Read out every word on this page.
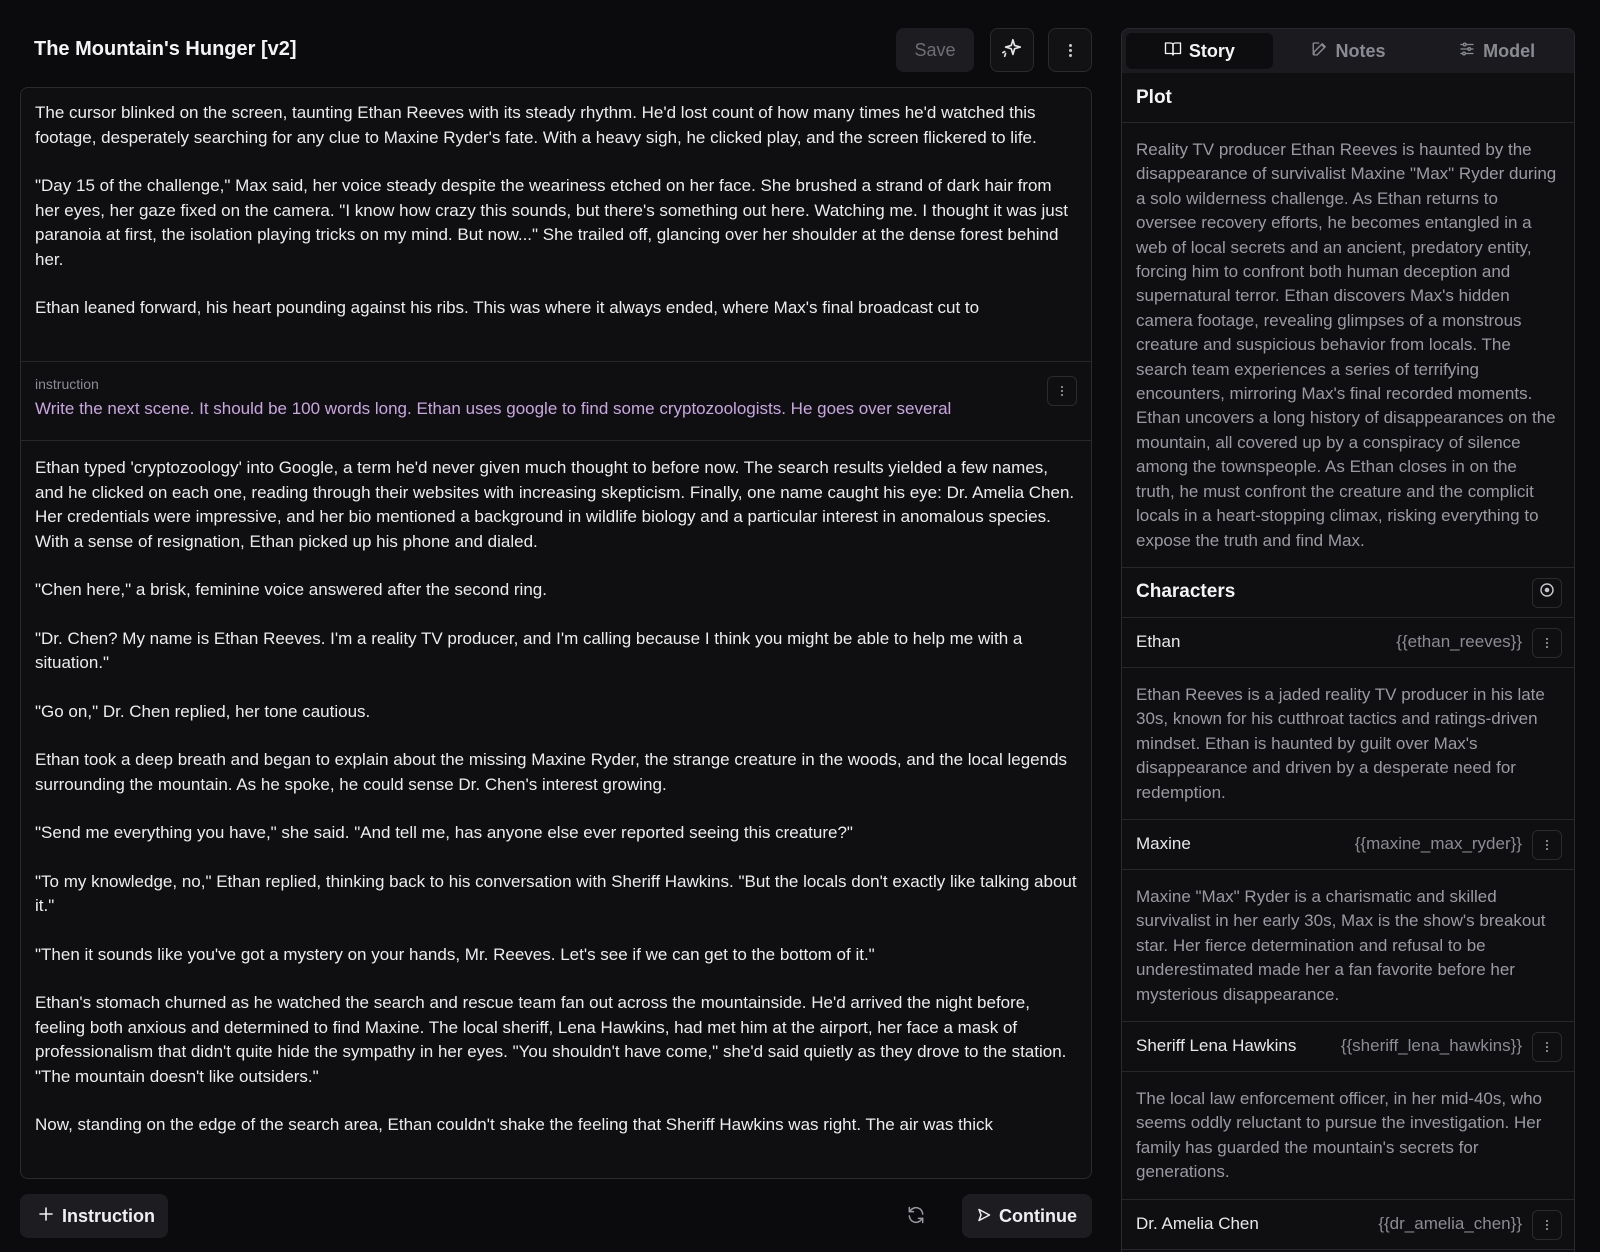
The Mountain's Hunger [v2]	Save

The cursor blinked on the screen, taunting Ethan Reeves with its steady rhythm. He'd lost count of how many times he'd watched this footage, desperately searching for any clue to Maxine Ryder's fate. With a heavy sigh, he clicked play, and the screen flickered to life.

"Day 15 of the challenge," Max said, her voice steady despite the weariness etched on her face. She brushed a strand of dark hair from her eyes, her gaze fixed on the camera. "I know how crazy this sounds, but there's something out here. Watching me. I thought it was just paranoia at first, the isolation playing tricks on my mind. But now..." She trailed off, glancing over her shoulder at the dense forest behind her.

Ethan leaned forward, his heart pounding against his ribs. This was where it always ended, where Max's final broadcast cut to

instruction
Write the next scene. It should be 100 words long. Ethan uses google to find some cryptozoologists. He goes over several

Ethan typed 'cryptozoology' into Google, a term he'd never given much thought to before now. The search results yielded a few names, and he clicked on each one, reading through their websites with increasing skepticism. Finally, one name caught his eye: Dr. Amelia Chen. Her credentials were impressive, and her bio mentioned a background in wildlife biology and a particular interest in anomalous species. With a sense of resignation, Ethan picked up his phone and dialed.

"Chen here," a brisk, feminine voice answered after the second ring.

"Dr. Chen? My name is Ethan Reeves. I'm a reality TV producer, and I'm calling because I think you might be able to help me with a situation."

"Go on," Dr. Chen replied, her tone cautious.

Ethan took a deep breath and began to explain about the missing Maxine Ryder, the strange creature in the woods, and the local legends surrounding the mountain. As he spoke, he could sense Dr. Chen's interest growing.

"Send me everything you have," she said. "And tell me, has anyone else ever reported seeing this creature?"

"To my knowledge, no," Ethan replied, thinking back to his conversation with Sheriff Hawkins. "But the locals don't exactly like talking about it."

"Then it sounds like you've got a mystery on your hands, Mr. Reeves. Let's see if we can get to the bottom of it."

Ethan's stomach churned as he watched the search and rescue team fan out across the mountainside. He'd arrived the night before, feeling both anxious and determined to find Maxine. The local sheriff, Lena Hawkins, had met him at the airport, her face a mask of professionalism that didn't quite hide the sympathy in her eyes. "You shouldn't have come," she'd said quietly as they drove to the station. "The mountain doesn't like outsiders."

Now, standing on the edge of the search area, Ethan couldn't shake the feeling that Sheriff Hawkins was right. The air was thick

Instruction	Continue
Story	Notes	Model
Plot
Reality TV producer Ethan Reeves is haunted by the disappearance of survivalist Maxine "Max" Ryder during a solo wilderness challenge. As Ethan returns to oversee recovery efforts, he becomes entangled in a web of local secrets and an ancient, predatory entity, forcing him to confront both human deception and supernatural terror. Ethan discovers Max's hidden camera footage, revealing glimpses of a monstrous creature and suspicious behavior from locals. The search team experiences a series of terrifying encounters, mirroring Max's final recorded moments. Ethan uncovers a long history of disappearances on the mountain, all covered up by a conspiracy of silence among the townspeople. As Ethan closes in on the truth, he must confront the creature and the complicit locals in a heart-stopping climax, risking everything to expose the truth and find Max.
Characters
Ethan	{{ethan_reeves}}
Ethan Reeves is a jaded reality TV producer in his late 30s, known for his cutthroat tactics and ratings-driven mindset. Ethan is haunted by guilt over Max's disappearance and driven by a desperate need for redemption.
Maxine	{{maxine_max_ryder}}
Maxine "Max" Ryder is a charismatic and skilled survivalist in her early 30s, Max is the show's breakout star. Her fierce determination and refusal to be underestimated made her a fan favorite before her mysterious disappearance.
Sheriff Lena Hawkins	{{sheriff_lena_hawkins}}
The local law enforcement officer, in her mid-40s, who seems oddly reluctant to pursue the investigation. Her family has guarded the mountain's secrets for generations.
Dr. Amelia Chen	{{dr_amelia_chen}}
